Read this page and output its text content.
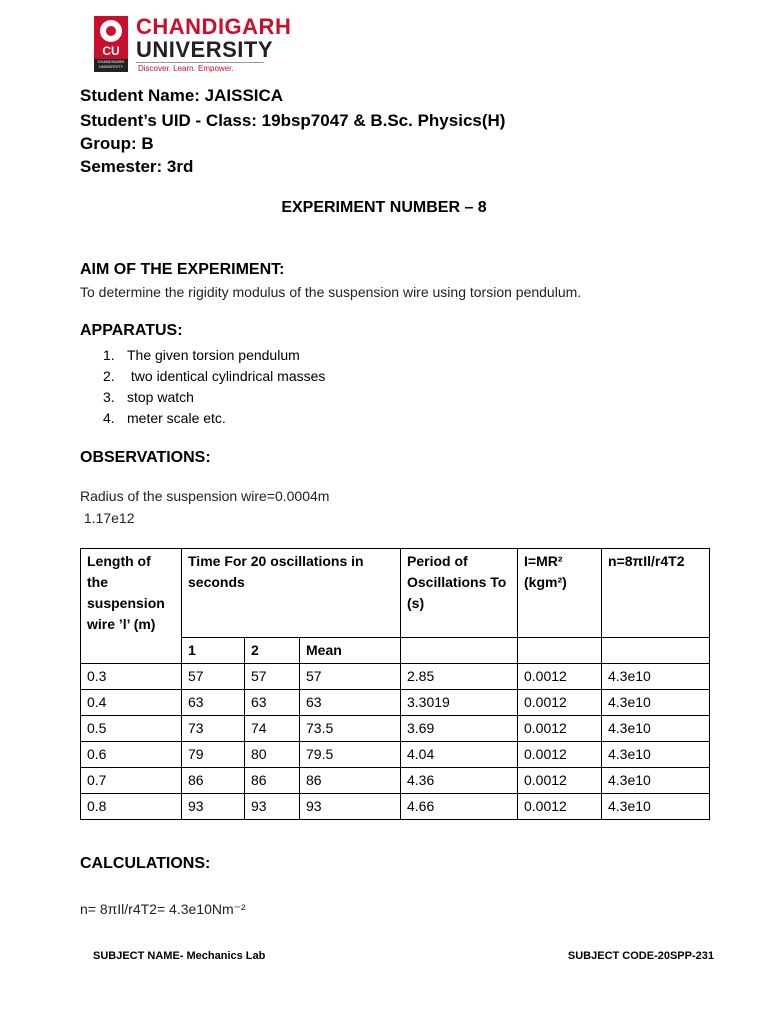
CU
CHANDIGARH UNIVERSITY
CHANDIGARH
UNIVERSITY
Discover. Learn. Empower.
Student Name: JAISSICA
Student’s UID - Class: 19bsp7047 & B.Sc. Physics(H)
Group: B
Semester: 3rd
EXPERIMENT NUMBER – 8
AIM OF THE EXPERIMENT:
To determine the rigidity modulus of the suspension wire using torsion pendulum.
APPARATUS:
1. The given torsion pendulum
2. two identical cylindrical masses
3. stop watch
4. meter scale etc.
OBSERVATIONS:
Radius of the suspension wire=0.0004m
1.17e12
Length of the suspension wire ’l’ (m)	Time For 20 oscillations in seconds			Period of Oscillations To (s)	I=MR² (kgm²)	n=8πIl/r4T2
	1	2	Mean			
0.3	57	57	57	2.85	0.0012	4.3e10
0.4	63	63	63	3.3019	0.0012	4.3e10
0.5	73	74	73.5	3.69	0.0012	4.3e10
0.6	79	80	79.5	4.04	0.0012	4.3e10
0.7	86	86	86	4.36	0.0012	4.3e10
0.8	93	93	93	4.66	0.0012	4.3e10
CALCULATIONS:
n= 8πIl/r4T2= 4.3e10Nm⁻²
SUBJECT NAME- Mechanics Lab	SUBJECT CODE-20SPP-231
